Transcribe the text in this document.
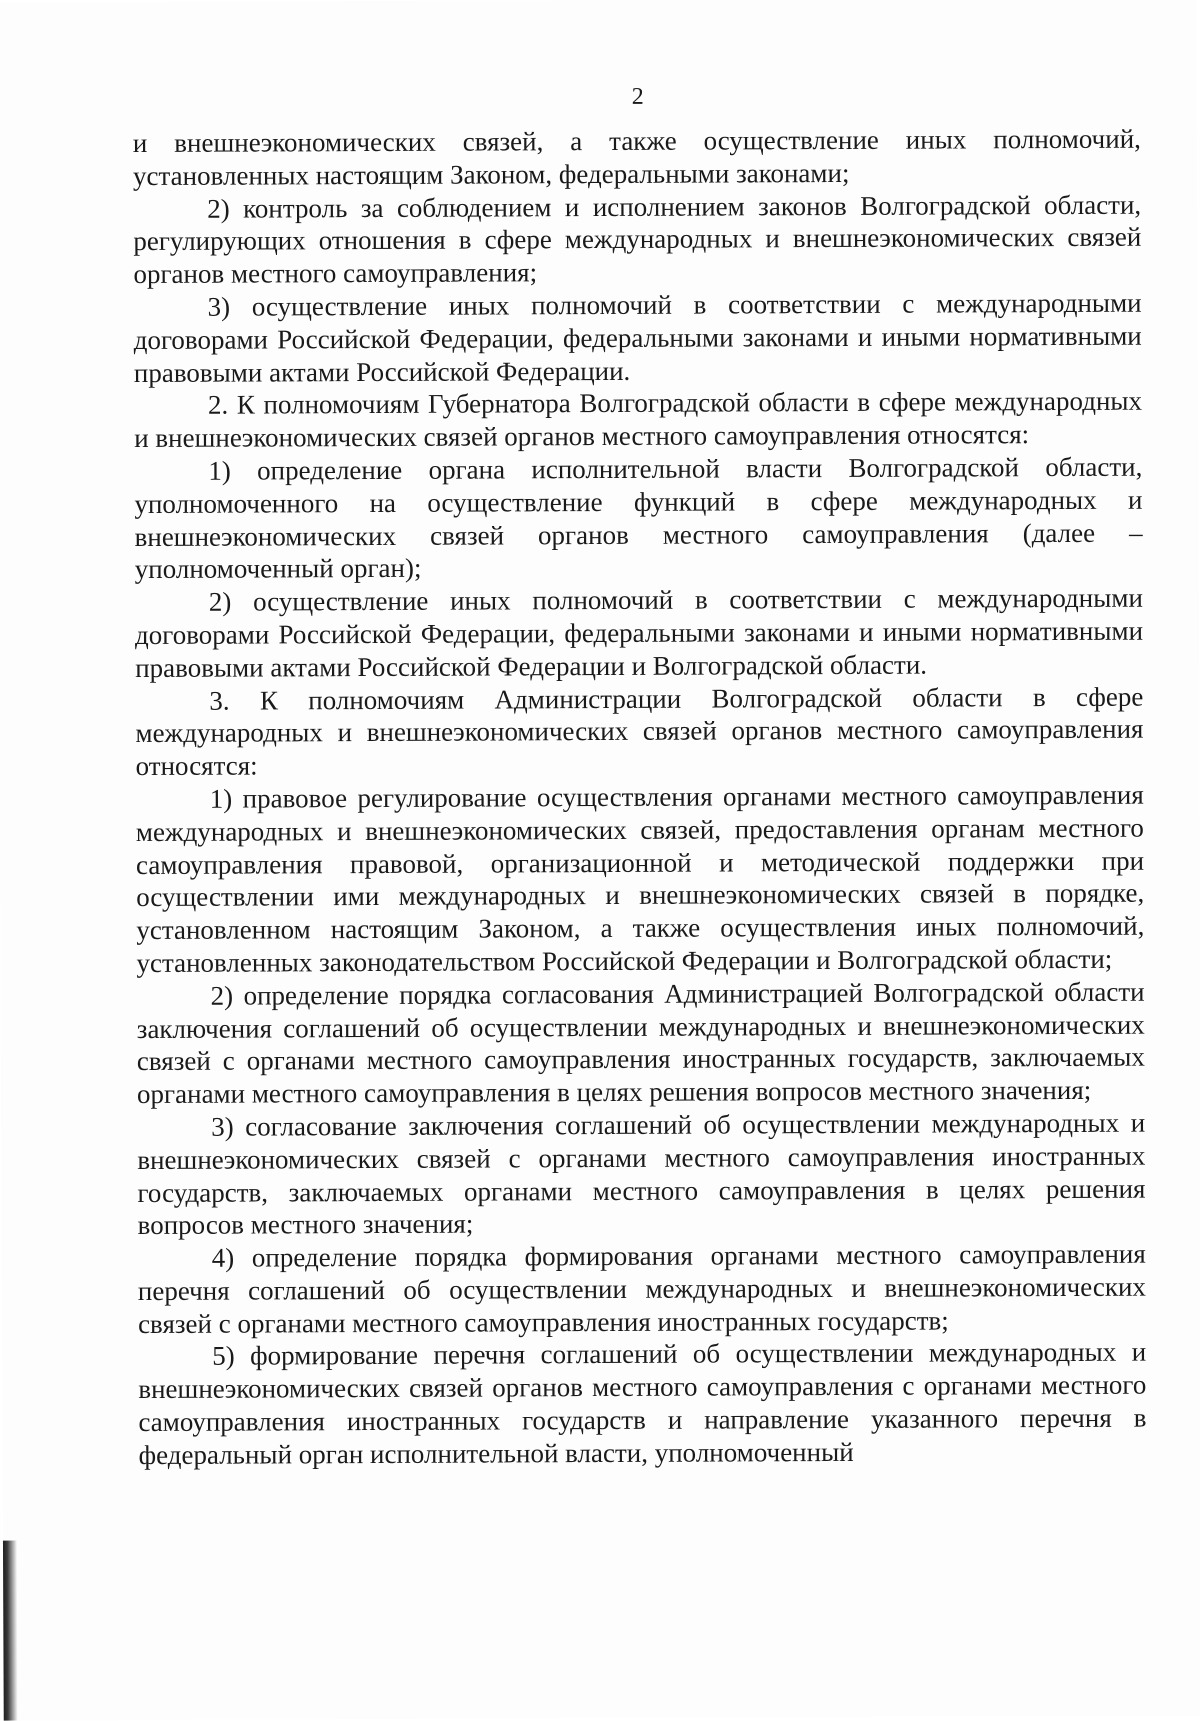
2

и внешнеэкономических связей, а также осуществление иных полномочий, установленных настоящим Законом, федеральными законами;

2) контроль за соблюдением и исполнением законов Волгоградской области, регулирующих отношения в сфере международных и внешнеэкономических связей органов местного самоуправления;

3) осуществление иных полномочий в соответствии с международными договорами Российской Федерации, федеральными законами и иными нормативными правовыми актами Российской Федерации.

2. К полномочиям Губернатора Волгоградской области в сфере международных и внешнеэкономических связей органов местного самоуправления относятся:

1) определение органа исполнительной власти Волгоградской области, уполномоченного на осуществление функций в сфере международных и внешнеэкономических связей органов местного самоуправления (далее – уполномоченный орган);

2) осуществление иных полномочий в соответствии с международными договорами Российской Федерации, федеральными законами и иными нормативными правовыми актами Российской Федерации и Волгоградской области.

3. К полномочиям Администрации Волгоградской области в сфере международных и внешнеэкономических связей органов местного самоуправления относятся:

1) правовое регулирование осуществления органами местного самоуправления международных и внешнеэкономических связей, предоставления органам местного самоуправления правовой, организационной и методической поддержки при осуществлении ими международных и внешнеэкономических связей в порядке, установленном настоящим Законом, а также осуществления иных полномочий, установленных законодательством Российской Федерации и Волгоградской области;

2) определение порядка согласования Администрацией Волгоградской области заключения соглашений об осуществлении международных и внешнеэкономических связей с органами местного самоуправления иностранных государств, заключаемых органами местного самоуправления в целях решения вопросов местного значения;

3) согласование заключения соглашений об осуществлении международных и внешнеэкономических связей с органами местного самоуправления иностранных государств, заключаемых органами местного самоуправления в целях решения вопросов местного значения;

4) определение порядка формирования органами местного самоуправления перечня соглашений об осуществлении международных и внешнеэкономических связей с органами местного самоуправления иностранных государств;

5) формирование перечня соглашений об осуществлении международных и внешнеэкономических связей органов местного самоуправления с органами местного самоуправления иностранных государств и направление указанного перечня в федеральный орган исполнительной власти, уполномоченный
